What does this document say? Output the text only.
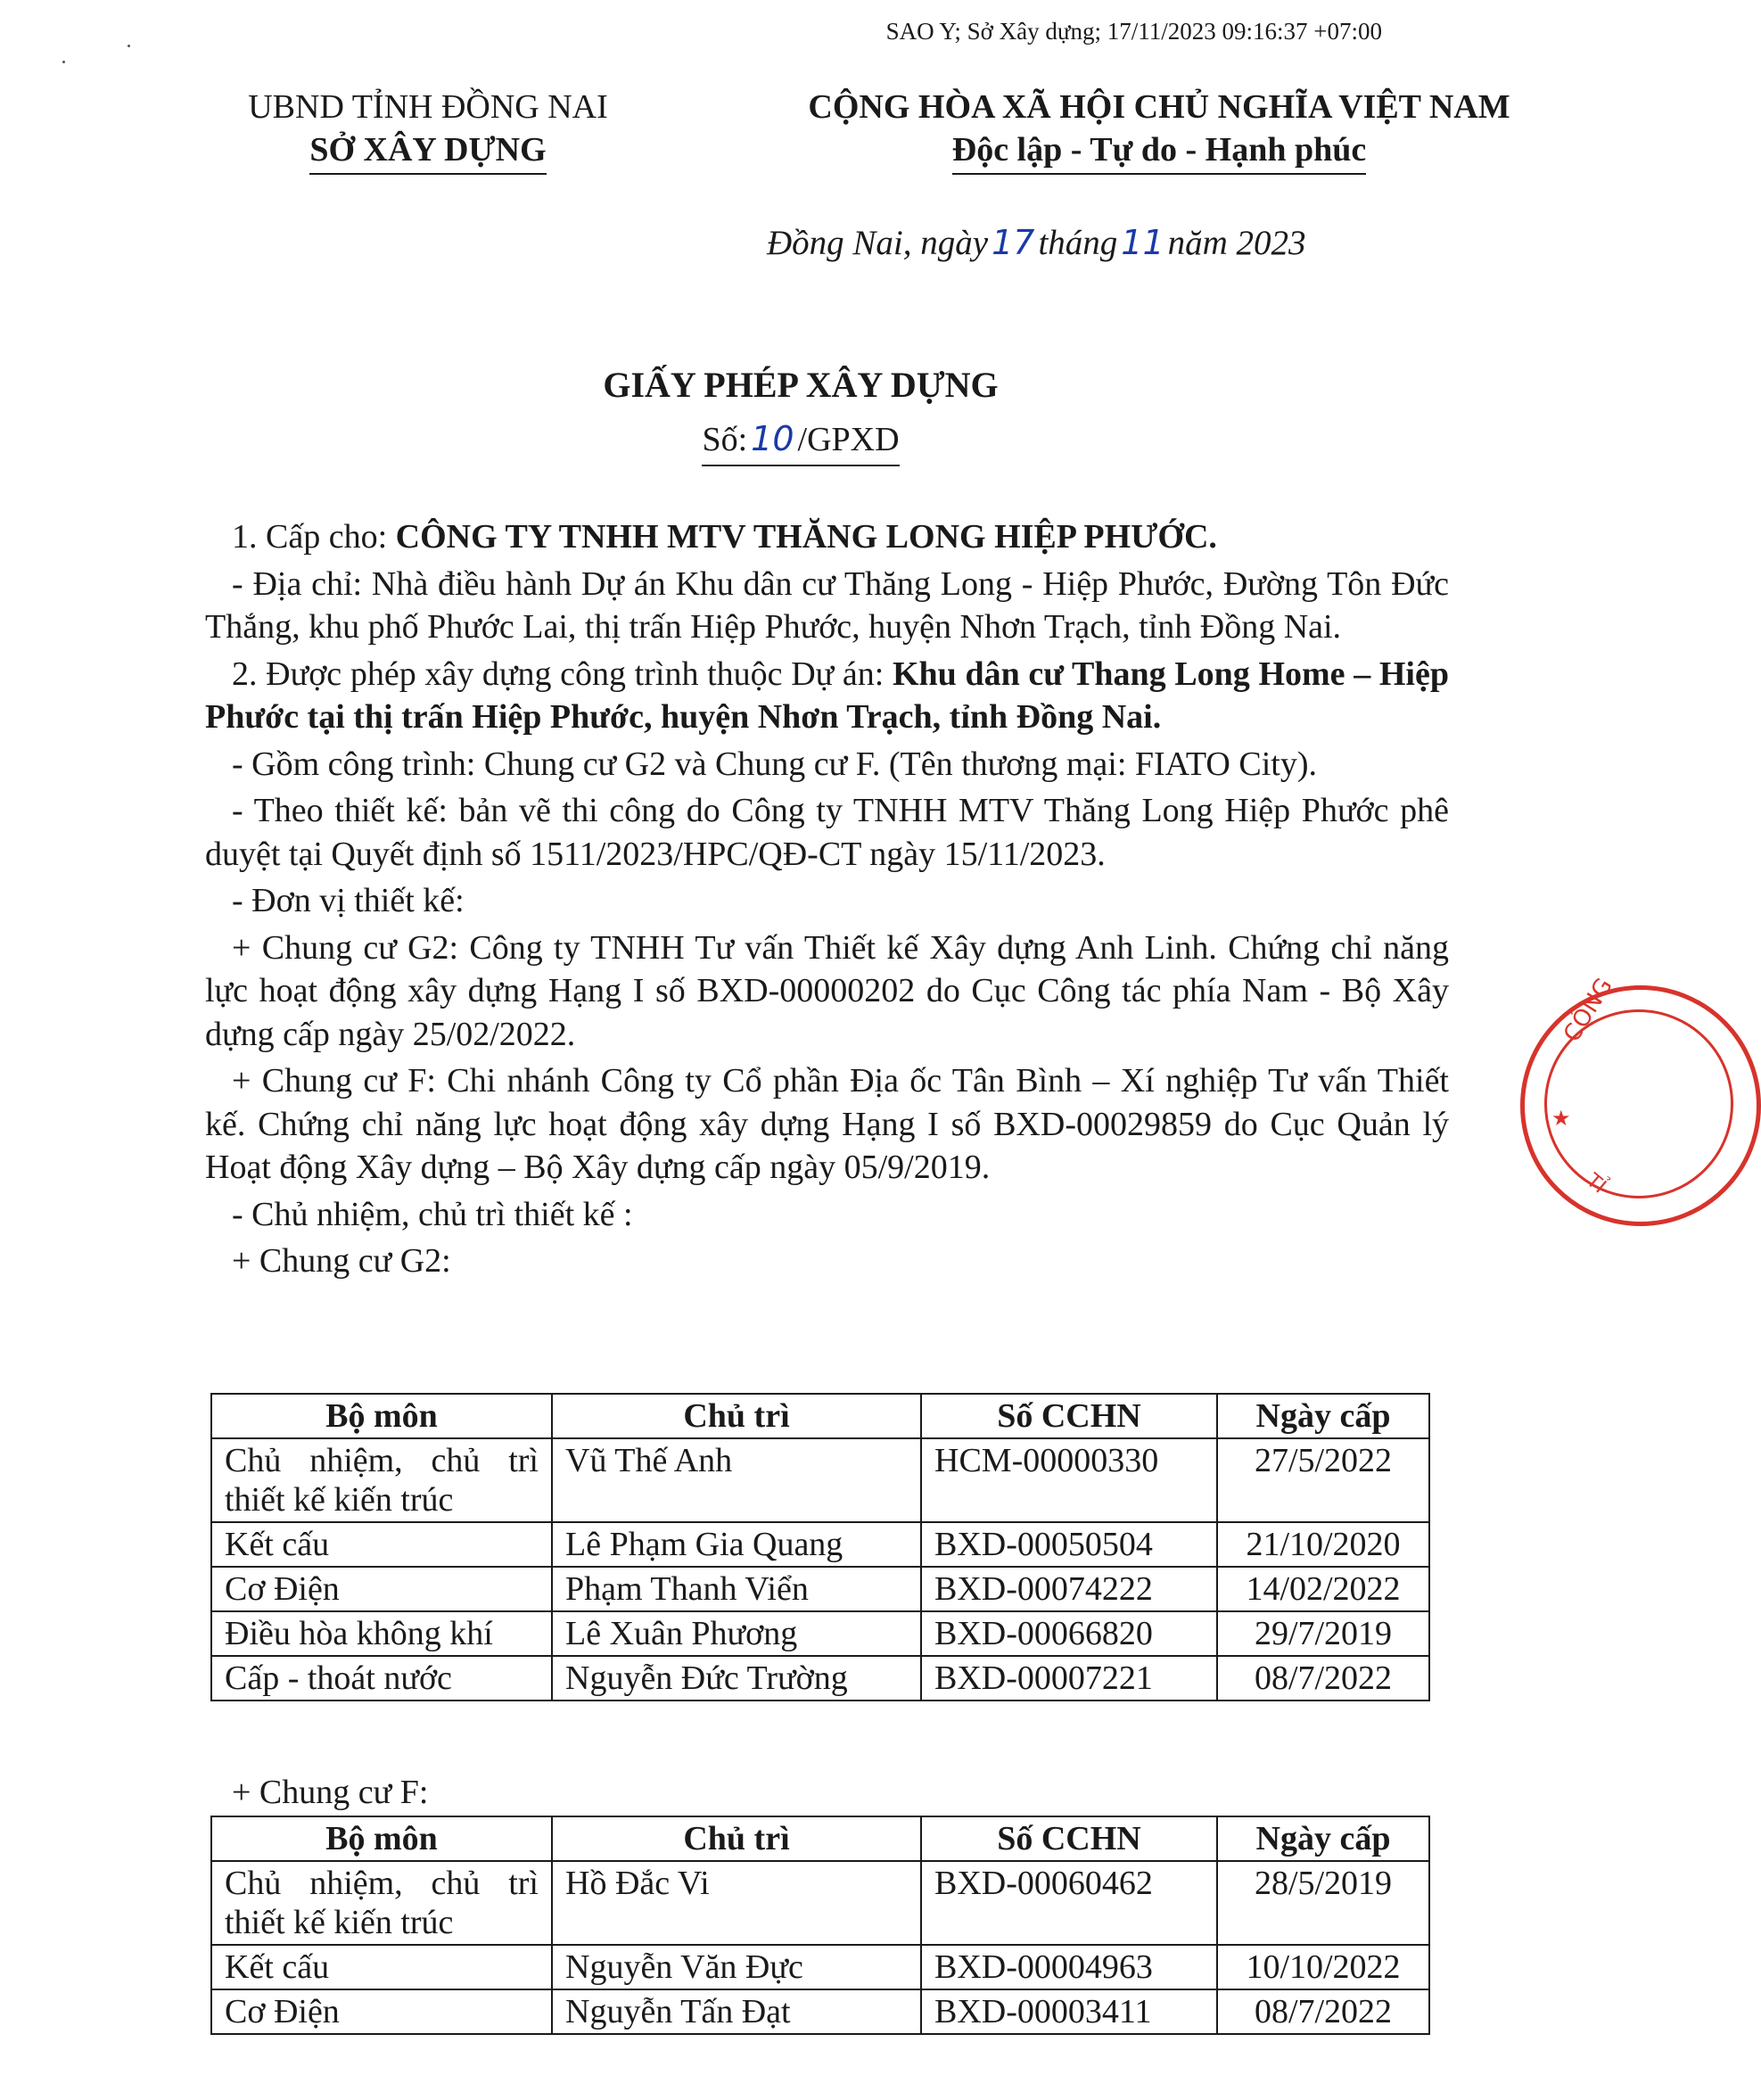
SAO Y; Sở Xây dựng; 17/11/2023 09:16:37 +07:00
UBND TỈNH ĐỒNG NAI
SỞ XÂY DỰNG
CỘNG HÒA XÃ HỘI CHỦ NGHĨA VIỆT NAM
Độc lập - Tự do - Hạnh phúc
Đồng Nai, ngày 17 tháng 11 năm 2023
GIẤY PHÉP XÂY DỰNG
Số: 10 /GPXD

1. Cấp cho: CÔNG TY TNHH MTV THĂNG LONG HIỆP PHƯỚC.

- Địa chỉ: Nhà điều hành Dự án Khu dân cư Thăng Long - Hiệp Phước, Đường Tôn Đức Thắng, khu phố Phước Lai, thị trấn Hiệp Phước, huyện Nhơn Trạch, tỉnh Đồng Nai.

2. Được phép xây dựng công trình thuộc Dự án: Khu dân cư Thang Long Home – Hiệp Phước tại thị trấn Hiệp Phước, huyện Nhơn Trạch, tỉnh Đồng Nai.

- Gồm công trình: Chung cư G2 và Chung cư F. (Tên thương mại: FIATO City).

- Theo thiết kế: bản vẽ thi công do Công ty TNHH MTV Thăng Long Hiệp Phước phê duyệt tại Quyết định số 1511/2023/HPC/QĐ-CT ngày 15/11/2023.

- Đơn vị thiết kế:

+ Chung cư G2: Công ty TNHH Tư vấn Thiết kế Xây dựng Anh Linh. Chứng chỉ năng lực hoạt động xây dựng Hạng I số BXD-00000202 do Cục Công tác phía Nam - Bộ Xây dựng cấp ngày 25/02/2022.

+ Chung cư F: Chi nhánh Công ty Cổ phần Địa ốc Tân Bình – Xí nghiệp Tư vấn Thiết kế. Chứng chỉ năng lực hoạt động xây dựng Hạng I số BXD-00029859 do Cục Quản lý Hoạt động Xây dựng – Bộ Xây dựng cấp ngày 05/9/2019.

- Chủ nhiệm, chủ trì thiết kế :

+ Chung cư G2:

Bộ môn	Chủ trì	Số CCHN	Ngày cấp
Chủ nhiệm, chủ trì thiết kế kiến trúc	Vũ Thế Anh	HCM-00000330	27/5/2022
Kết cấu	Lê Phạm Gia Quang	BXD-00050504	21/10/2020
Cơ Điện	Phạm Thanh Viển	BXD-00074222	14/02/2022
Điều hòa không khí	Lê Xuân Phương	BXD-00066820	29/7/2019
Cấp - thoát nước	Nguyễn Đức Trường	BXD-00007221	08/7/2022
+ Chung cư F:
Bộ môn	Chủ trì	Số CCHN	Ngày cấp
Chủ nhiệm, chủ trì thiết kế kiến trúc	Hồ Đắc Vi	BXD-00060462	28/5/2019
Kết cấu	Nguyễn Văn Đực	BXD-00004963	10/10/2022
Cơ Điện	Nguyễn Tấn Đạt	BXD-00003411	08/7/2022
CỘNG
★
TỈ
